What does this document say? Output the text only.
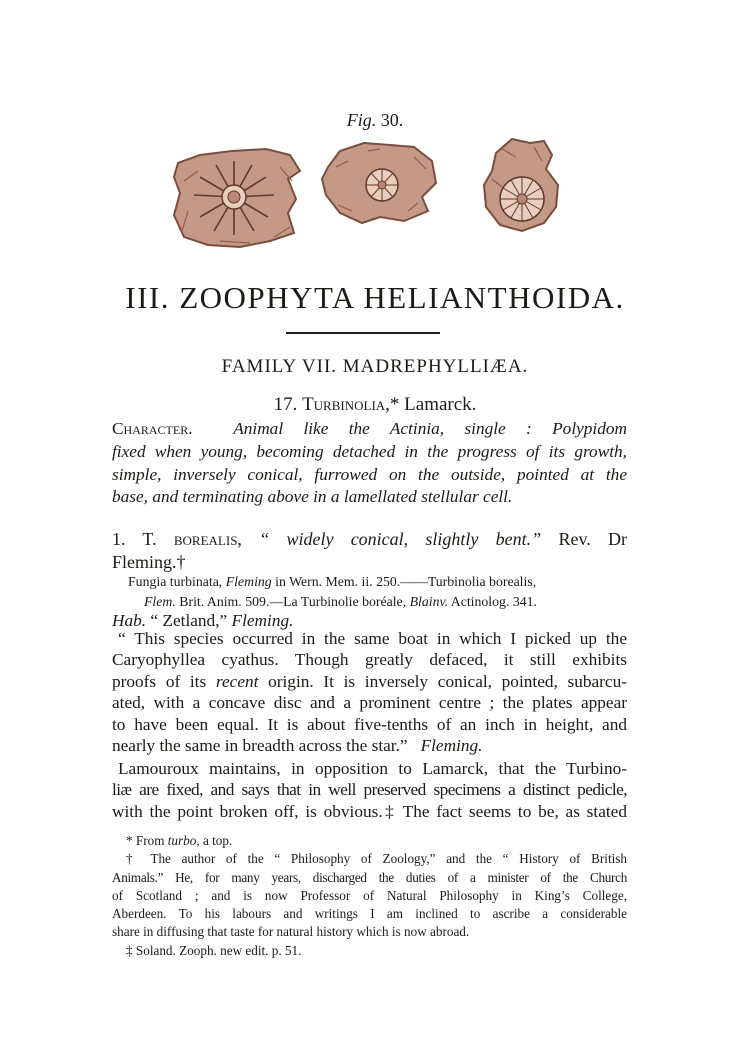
Fig. 30.
III. ZOOPHYTA HELIANTHOIDA.
FAMILY VII. MADREPHYLLIÆA.
17. Turbinolia,* Lamarck.
Character. Animal like the Actinia, single : Polypidom
fixed when young, becoming detached in the progress of its growth,
simple, inversely conical, furrowed on the outside, pointed at the
base, and terminating above in a lamellated stellular cell.
1. T. borealis, “ widely conical, slightly bent.” Rev. Dr
Fleming.†
Fungia turbinata, Fleming in Wern. Mem. ii. 250.——Turbinolia borealis,
Flem. Brit. Anim. 509.—La Turbinolie boréale, Blainv. Actinolog. 341.
Hab. “ Zetland,” Fleming.
“ This species occurred in the same boat in which I picked up the
Caryophyllea cyathus. Though greatly defaced, it still exhibits
proofs of its recent origin. It is inversely conical, pointed, subarcu-
ated, with a concave disc and a prominent centre ; the plates appear
to have been equal. It is about five-tenths of an inch in height, and
nearly the same in breadth across the star.” Fleming.
Lamouroux maintains, in opposition to Lamarck, that the Turbino-
liæ are fixed, and says that in well preserved specimens a distinct pedicle,
with the point broken off, is obvious.‡ The fact seems to be, as stated
* From turbo, a top.
† The author of the “ Philosophy of Zoology,” and the “ History of British
Animals.” He, for many years, discharged the duties of a minister of the Church
of Scotland ; and is now Professor of Natural Philosophy in King’s College,
Aberdeen. To his labours and writings I am inclined to ascribe a considerable
share in diffusing that taste for natural history which is now abroad.
‡ Soland. Zooph. new edit. p. 51.
